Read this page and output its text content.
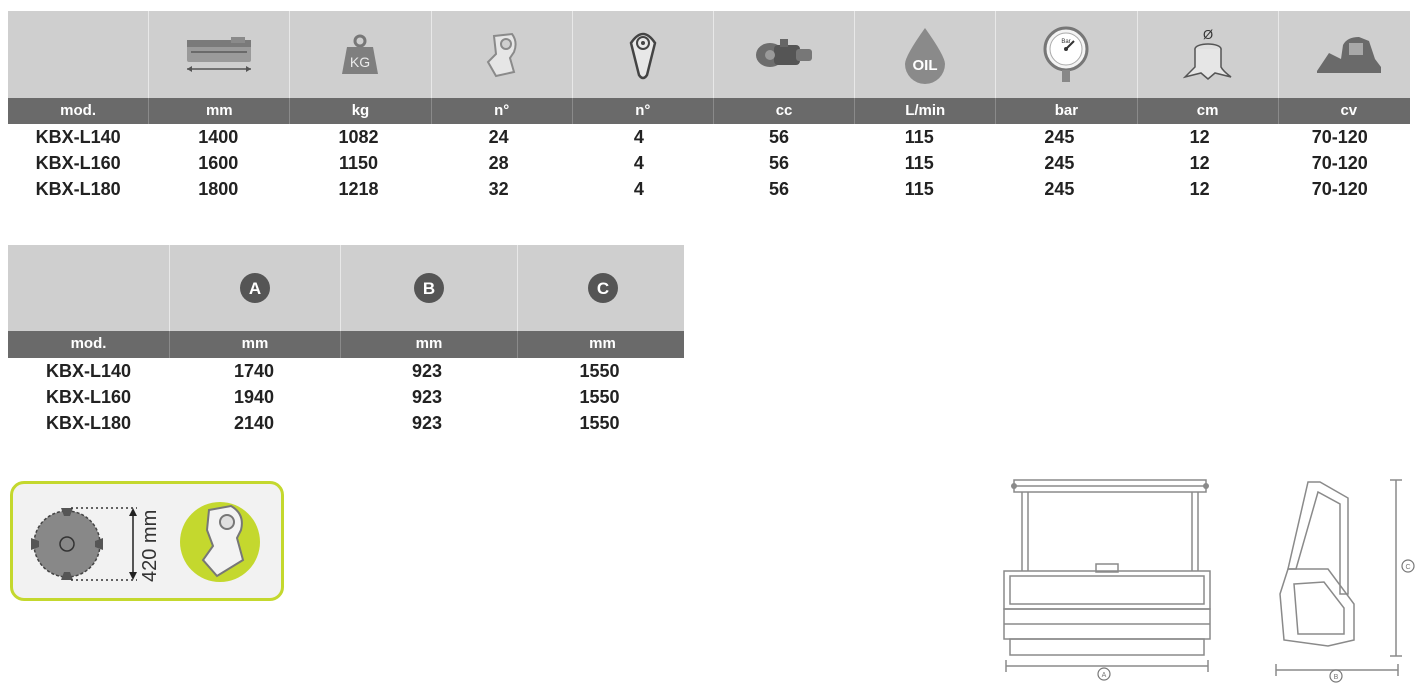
KG	OIL
Bar	Ø
mod.	mm	kg	n°	n°	cc	L/min	bar	cm	cv
KBX-L140	1400	1082	24	4	56	115	245	12	70-120
KBX-L160	1600	1150	28	4	56	115	245	12	70-120
KBX-L180	1800	1218	32	4	56	115	245	12	70-120
A	B	C
mod.	mm	mm	mm
KBX-L140	1740	923	1550
KBX-L160	1940	923	1550
KBX-L180	2140	923	1550
420 mm
A	B
C
